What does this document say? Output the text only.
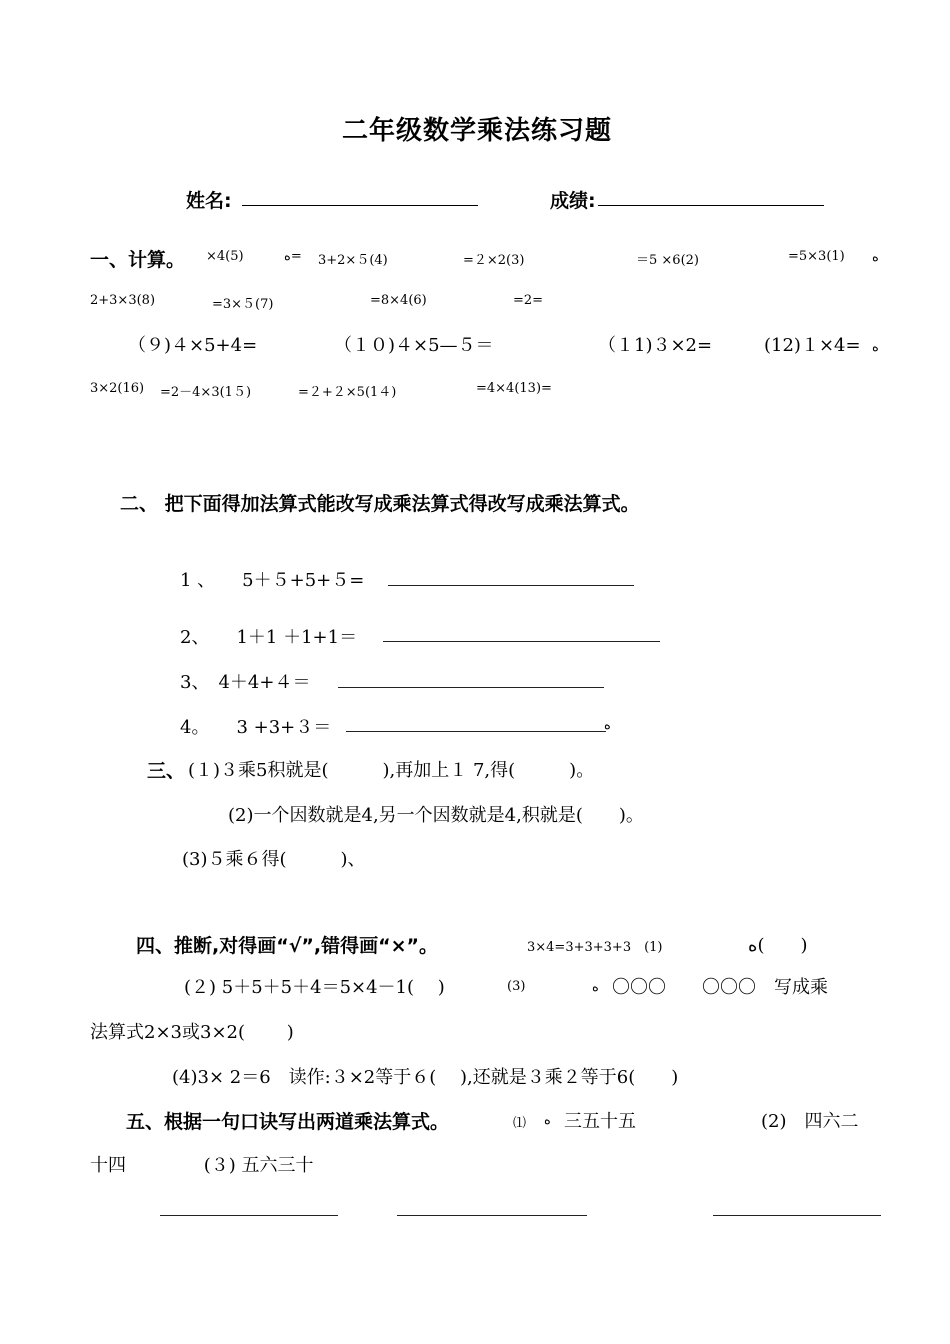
二年级数学乘法练习题
姓名:	成绩:
一、计算。 ×4(5)	ﻩ= 3+2×５(4)	=２×2(3)	＝5 ×6(2)	=5×3(1) ﻩ
2+3×3(8)	=3×５(7)	=8×4(6)	=2=
（９)４×5+4=	（１０)４×5—５＝	（１1)３×2=	(12)１×4= ﻩ
3×2(16) =2－4×3(1５)	=２+２×5(1４)	=4×4(13)=
二、 把下面得加法算式能改写成乘法算式得改写成乘法算式。
1 、　　5＋５+5+５=
2、　　1＋1 ＋1+1＝
3、　4＋4+４＝
4。　　3 +3+３＝	ﻩ
三、 (１)３乘5积就是(　　　),再加上１ 7,得(　　　)。
(2)一个因数就是4,另一个因数就是4,积就是(　　)。
(3)５乘６得(　　　)、
四、推断,对得画“√”,错得画“×”。	3×4=3+3+3+3　(1)	ﻩ(　　)
(２) 5＋5＋5＋4＝5×4－1(　 )	(3)	ﻩ 〇〇〇　　〇〇〇　写成乘
法算式2×3或3×2(　　 )
(4)3× 2＝6　读作:３×2等于６(　 ),还就是３乘２等于6(　　)
五、根据一句口诀写出两道乘法算式。	⑴ ﻩ 三五十五	(2)　四六二
十四　　　　 (３) 五六三十
